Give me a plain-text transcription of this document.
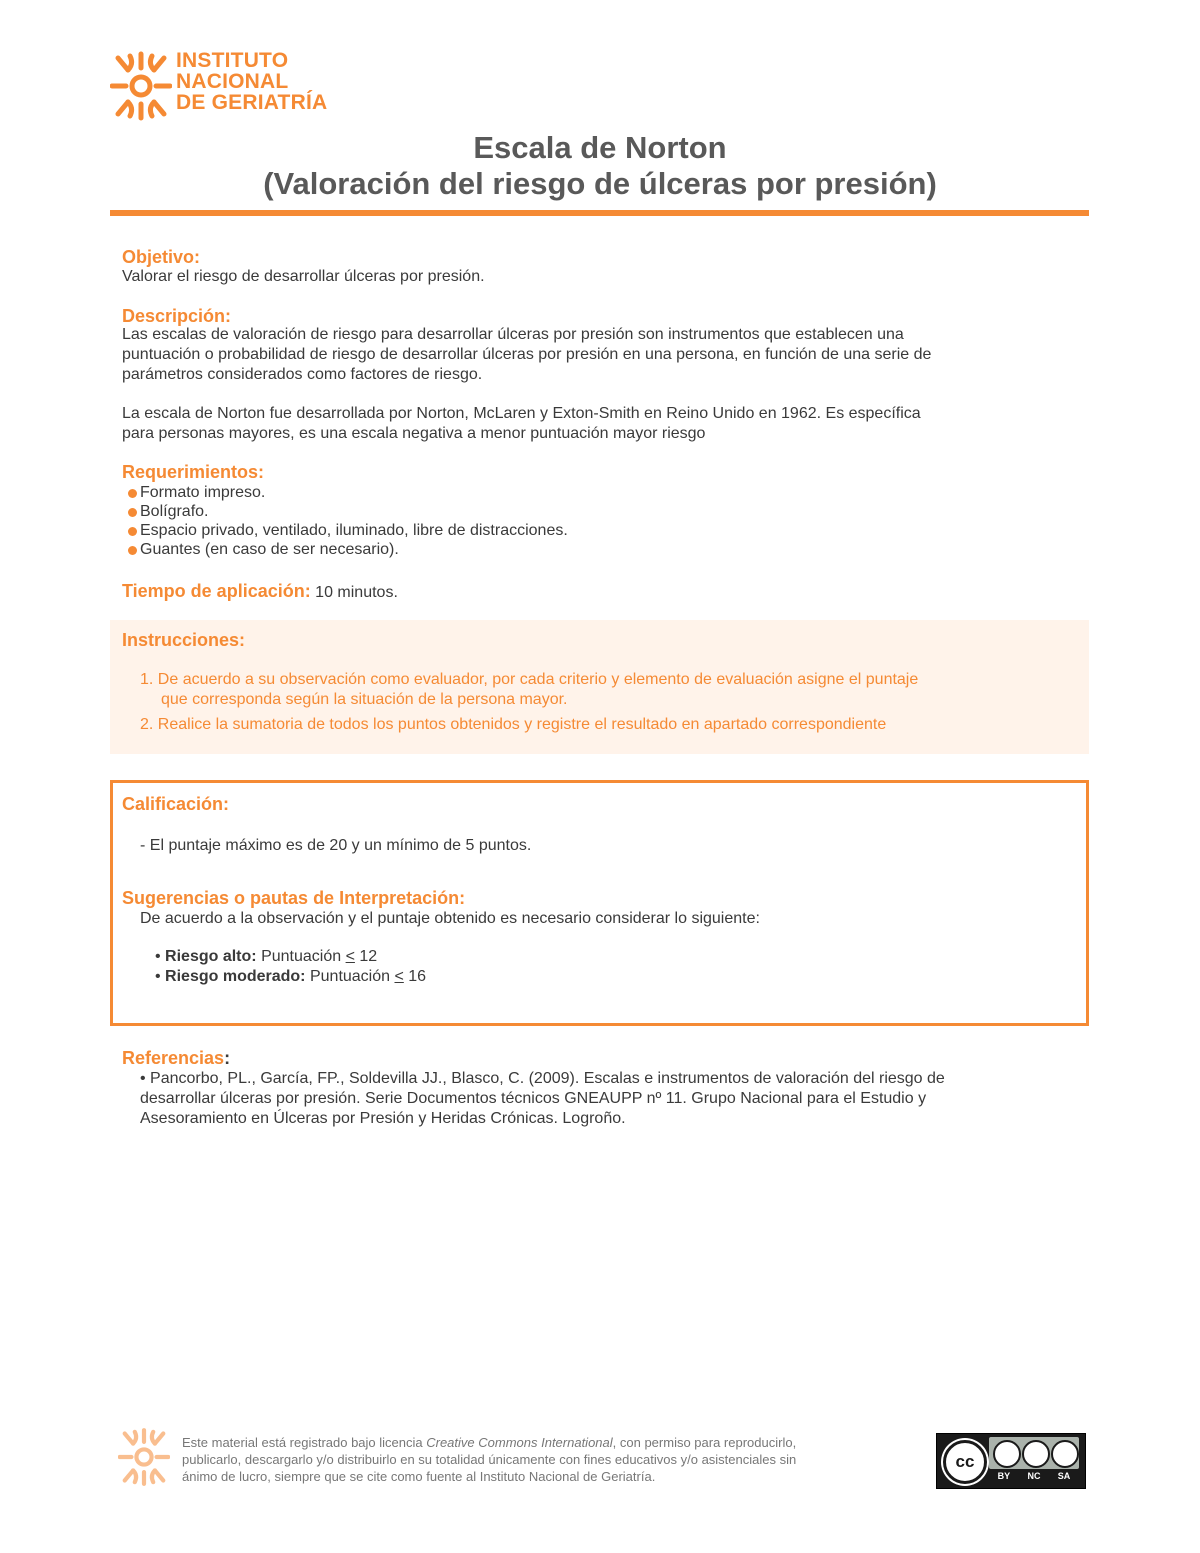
INSTITUTO
NACIONAL
DE GERIATRÍA
Escala de Norton
(Valoración del riesgo de úlceras por presión)
Objetivo:
Valorar el riesgo de desarrollar úlceras por presión.
Descripción:
Las escalas de valoración de riesgo para desarrollar úlceras por presión son instrumentos que establecen una
puntuación o probabilidad de riesgo de desarrollar úlceras por presión en una persona, en función de una serie de
parámetros considerados como factores de riesgo.
La escala de Norton fue desarrollada por Norton, McLaren y Exton-Smith en Reino Unido en 1962. Es específica
para personas mayores, es una escala negativa a menor puntuación mayor riesgo
Requerimientos:
Formato impreso.
Bolígrafo.
Espacio privado, ventilado, iluminado, libre de distracciones.
Guantes (en caso de ser necesario).
Tiempo de aplicación: 10 minutos.
Instrucciones:
1. De acuerdo a su observación como evaluador, por cada criterio y elemento de evaluación asigne el puntaje
que corresponda según la situación de la persona mayor.
2. Realice la sumatoria de todos los puntos obtenidos y registre el resultado en apartado correspondiente
Calificación:
- El puntaje máximo es de 20 y un mínimo de 5 puntos.
Sugerencias o pautas de Interpretación:
De acuerdo a la observación y el puntaje obtenido es necesario considerar lo siguiente:
• Riesgo alto: Puntuación < 12
• Riesgo moderado: Puntuación < 16
Referencias:
• Pancorbo, PL., García, FP., Soldevilla JJ., Blasco, C. (2009). Escalas e instrumentos de valoración del riesgo de
desarrollar úlceras por presión. Serie Documentos técnicos GNEAUPP nº 11. Grupo Nacional para el Estudio y
Asesoramiento en Úlceras por Presión y Heridas Crónicas. Logroño.
Este material está registrado bajo licencia Creative Commons International, con permiso para reproducirlo,
publicarlo, descargarlo y/o distribuirlo en su totalidad únicamente con fines educativos y/o asistenciales sin
ánimo de lucro, siempre que se cite como fuente al Instituto Nacional de Geriatría.
cc
BY NC SA
